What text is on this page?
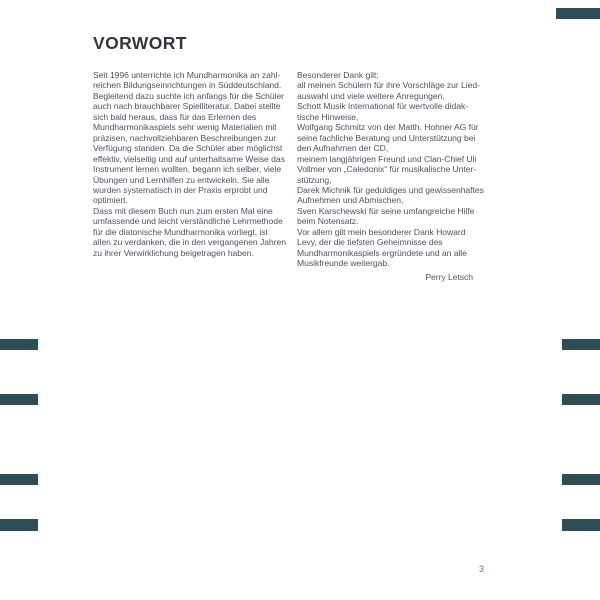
VORWORT
Seit 1996 unterrichte ich Mundharmonika an zahl-
reichen Bildungseinrichtungen in Süddeutschland.
Begleitend dazu suchte ich anfangs für die Schüler
auch nach brauchbarer Spielliteratur. Dabei stellte
sich bald heraus, dass für das Erlernen des
Mundharmonikaspiels sehr wenig Materialien mit
präzisen, nachvollziehbaren Beschreibungen zur
Verfügung standen. Da die Schüler aber möglichst
effektiv, vielseitig und auf unterhaltsame Weise das
Instrument lernen wollten, begann ich selber, viele
Übungen und Lernhilfen zu entwickeln. Sie alle
wurden systematisch in der Praxis erprobt und
optimiert.
Dass mit diesem Buch nun zum ersten Mal eine
umfassende und leicht verständliche Lehrmethode
für die diatonische Mundharmonika vorliegt, ist
allen zu verdanken, die in den vergangenen Jahren
zu ihrer Verwirklichung beigetragen haben.
Besonderer Dank gilt:
all meinen Schülern für ihre Vorschläge zur Lied-
auswahl und viele weitere Anregungen,
Schott Musik International für wertvolle didak-
tische Hinweise,
Wolfgang Schmitz von der Matth. Hohner AG für
seine fachliche Beratung und Unterstützung bei
den Aufnahmen der CD,
meinem langjährigen Freund und Clan-Chief Uli
Vollmer von „Caledonix“ für musikalische Unter-
stützung,
Darek Michnik für geduldiges und gewissenhaftes
Aufnehmen und Abmischen,
Sven Karschewski für seine umfangreiche Hilfe
beim Notensatz.
Vor allem gilt mein besonderer Dank Howard
Levy, der die tiefsten Geheimnisse des
Mundharmonikaspiels ergründete und an alle
Musikfreunde weitergab.
Perry Letsch
3
